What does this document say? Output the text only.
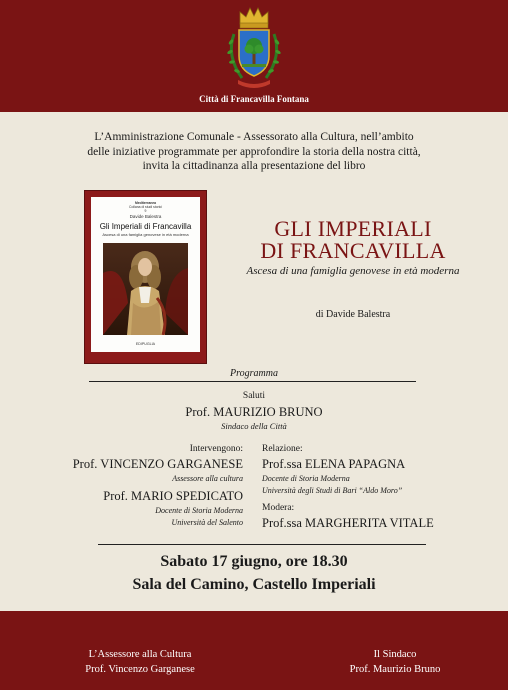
Città di Francavilla Fontana
L’Amministrazione Comunale - Assessorato alla Cultura, nell’ambito
delle iniziative programmate per approfondire la storia della nostra città,
invita la cittadinanza alla presentazione del libro
Mediterranea
Collana di studi storici
9
Davide Balestra
Gli Imperiali di Francavilla
Ascesa di una famiglia genovese in età moderna
EDIPUGLIA
GLI IMPERIALI
DI FRANCAVILLA
Ascesa di una famiglia genovese in età moderna
di Davide Balestra
Programma
Saluti
Prof. MAURIZIO BRUNO
Sindaco della Città
Intervengono:
Prof. VINCENZO GARGANESE
Assessore alla cultura
Prof. MARIO SPEDICATO
Docente di Storia Moderna
Università del Salento
Relazione:
Prof.ssa ELENA PAPAGNA
Docente di Storia Moderna
Università degli Studi di Bari “Aldo Moro”
Modera:
Prof.ssa MARGHERITA VITALE
Sabato 17 giugno, ore 18.30
Sala del Camino, Castello Imperiali
L’Assessore alla Cultura
Prof. Vincenzo Garganese
Il Sindaco
Prof. Maurizio Bruno
